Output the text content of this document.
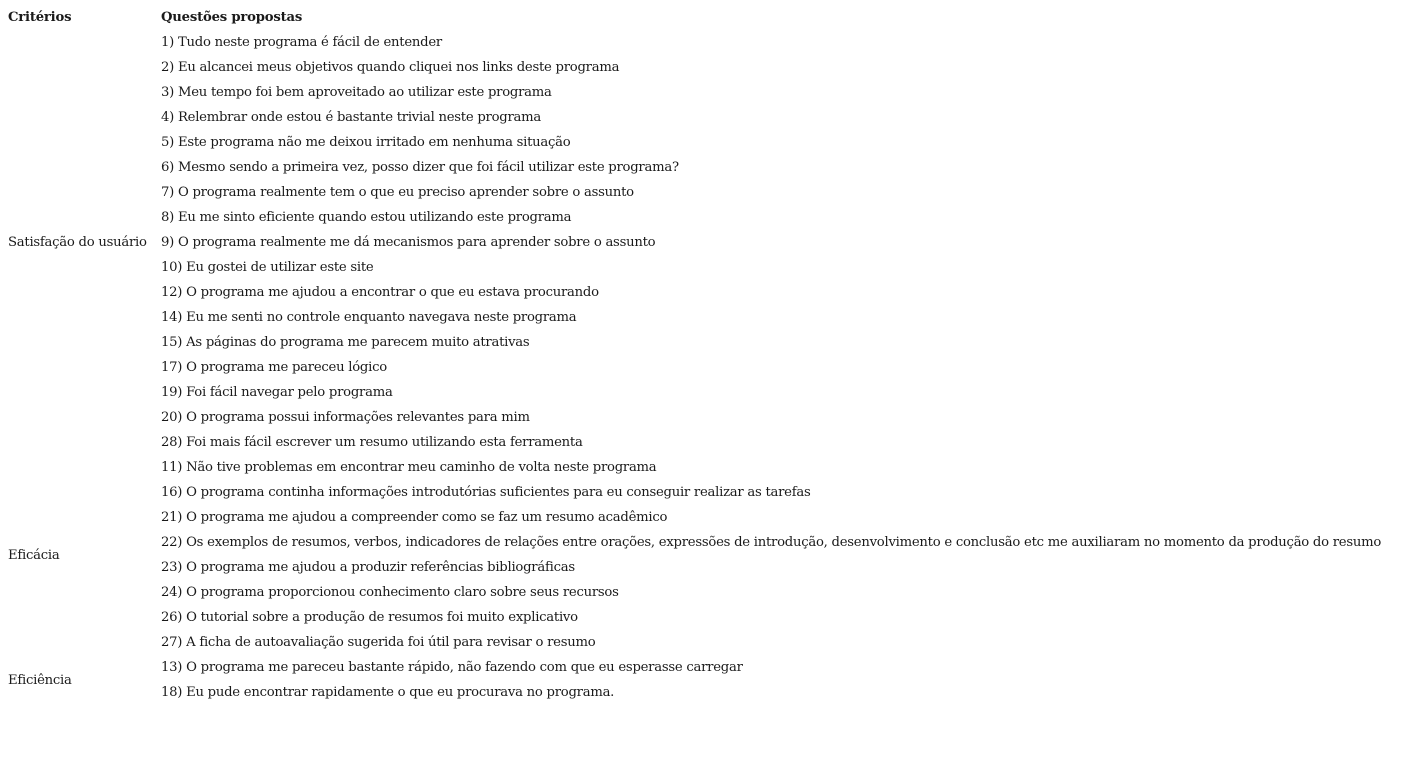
Critérios	Questões propostas
Satisfação do usuário	1) Tudo neste programa é fácil de entender
	2) Eu alcancei meus objetivos quando cliquei nos links deste programa
	3) Meu tempo foi bem aproveitado ao utilizar este programa
	4) Relembrar onde estou é bastante trivial neste programa
	5) Este programa não me deixou irritado em nenhuma situação
	6) Mesmo sendo a primeira vez, posso dizer que foi fácil utilizar este programa?
	7) O programa realmente tem o que eu preciso aprender sobre o assunto
	8) Eu me sinto eficiente quando estou utilizando este programa
	9) O programa realmente me dá mecanismos para aprender sobre o assunto
	10) Eu gostei de utilizar este site
	12) O programa me ajudou a encontrar o que eu estava procurando
	14) Eu me senti no controle enquanto navegava neste programa
	15) As páginas do programa me parecem muito atrativas
	17) O programa me pareceu lógico
	19) Foi fácil navegar pelo programa
	20) O programa possui informações relevantes para mim
	28) Foi mais fácil escrever um resumo utilizando esta ferramenta
Eficácia	11) Não tive problemas em encontrar meu caminho de volta neste programa
	16) O programa continha informações introdutórias suficientes para eu conseguir realizar as tarefas
	21) O programa me ajudou a compreender como se faz um resumo acadêmico
	22) Os exemplos de resumos, verbos, indicadores de relações entre orações, expressões de introdução, desenvolvimento e conclusão etc me auxiliaram no momento da produção do resumo
	23) O programa me ajudou a produzir referências bibliográficas
	24) O programa proporcionou conhecimento claro sobre seus recursos
	26) O tutorial sobre a produção de resumos foi muito explicativo
	27) A ficha de autoavaliação sugerida foi útil para revisar o resumo
Eficiência	13) O programa me pareceu bastante rápido, não fazendo com que eu esperasse carregar
	18) Eu pude encontrar rapidamente o que eu procurava no programa.
